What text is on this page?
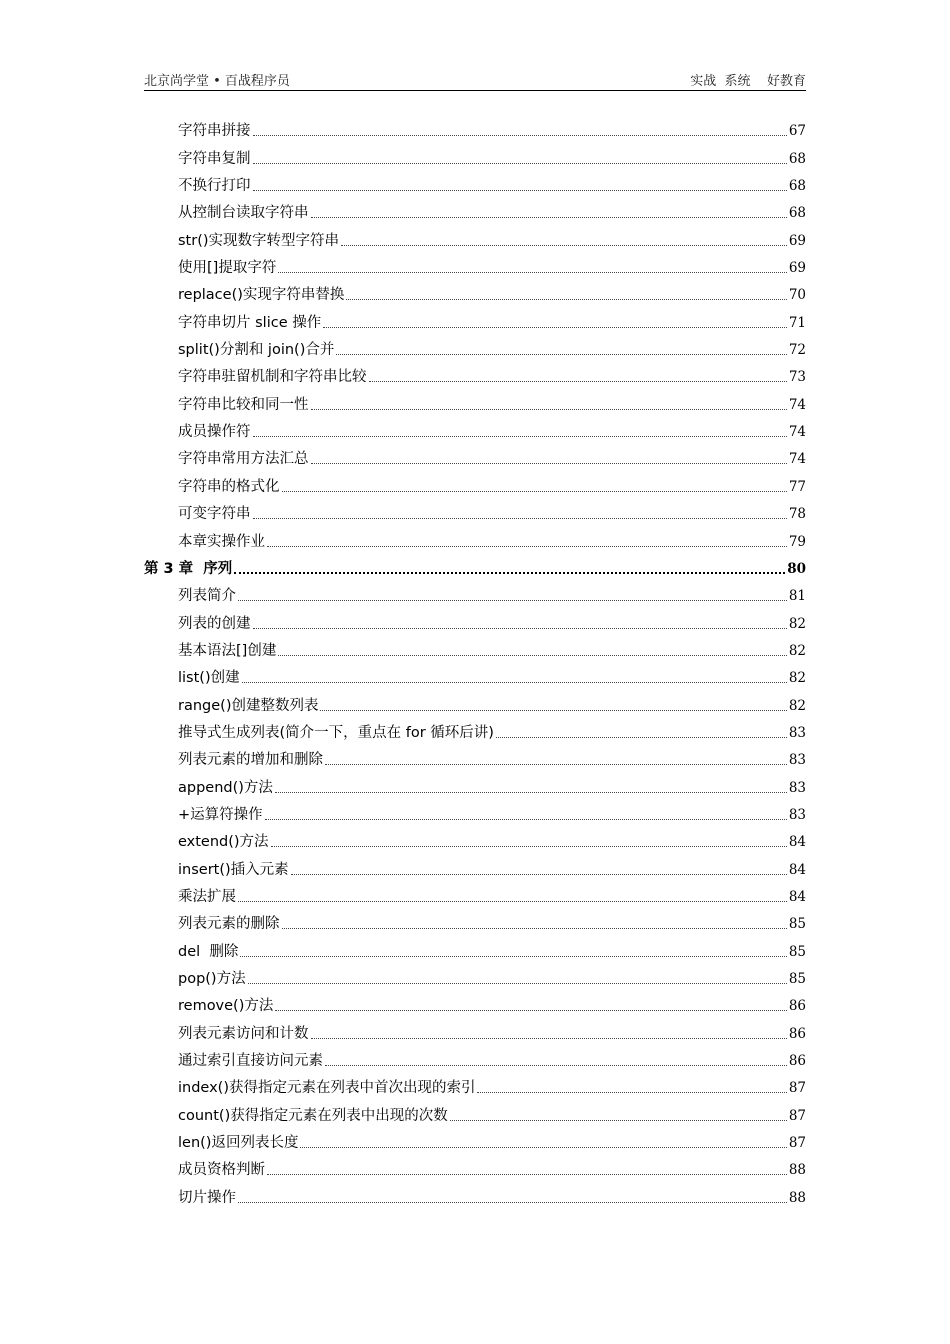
北京尚学堂 • 百战程序员	实战  系统    好教育
字符串拼接	67
字符串复制	68
不换行打印	68
从控制台读取字符串	68
str()实现数字转型字符串	69
使用[]提取字符	69
replace()实现字符串替换	70
字符串切片 slice 操作	71
split()分割和 join()合并	72
字符串驻留机制和字符串比较	73
字符串比较和同一性	74
成员操作符	74
字符串常用方法汇总	74
字符串的格式化	77
可变字符串	78
本章实操作业	79
第 3 章  序列	80
列表简介	81
列表的创建	82
基本语法[]创建	82
list()创建	82
range()创建整数列表	82
推导式生成列表(简介一下，重点在 for 循环后讲)	83
列表元素的增加和删除	83
append()方法	83
+运算符操作	83
extend()方法	84
insert()插入元素	84
乘法扩展	84
列表元素的删除	85
del  删除	85
pop()方法	85
remove()方法	86
列表元素访问和计数	86
通过索引直接访问元素	86
index()获得指定元素在列表中首次出现的索引	87
count()获得指定元素在列表中出现的次数	87
len()返回列表长度	87
成员资格判断	88
切片操作	88
